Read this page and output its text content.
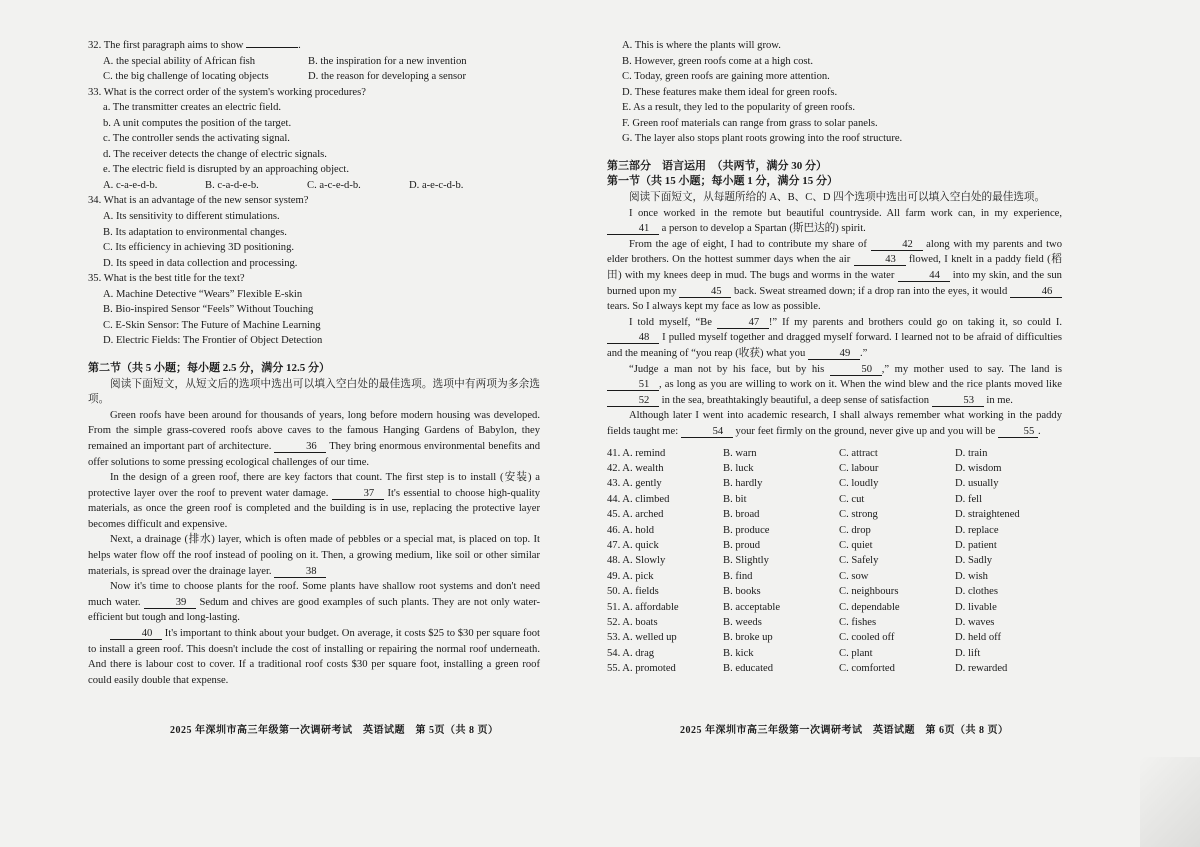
32. The first paragraph aims to show	.
A. the special ability of African fish	B. the inspiration for a new invention
C. the big challenge of locating objects	D. the reason for developing a sensor
33. What is the correct order of the system's working procedures?
a. The transmitter creates an electric field.
b. A unit computes the position of the target.
c. The controller sends the activating signal.
d. The receiver detects the change of electric signals.
e. The electric field is disrupted by an approaching object.
A. c-a-e-d-b.	B. c-a-d-e-b.	C. a-c-e-d-b.	D. a-e-c-d-b.
34. What is an advantage of the new sensor system?
A. Its sensitivity to different stimulations.
B. Its adaptation to environmental changes.
C. Its efficiency in achieving 3D positioning.
D. Its speed in data collection and processing.
35. What is the best title for the text?
A. Machine Detective “Wears” Flexible E-skin
B. Bio-inspired Sensor “Feels” Without Touching
C. E-Skin Sensor: The Future of Machine Learning
D. Electric Fields: The Frontier of Object Detection
第二节（共 5 小题；每小题 2.5 分，满分 12.5 分）

阅读下面短文，从短文后的选项中选出可以填入空白处的最佳选项。选项中有两项为多余选项。

Green roofs have been around for thousands of years, long before modern housing was developed. From the simple grass-covered roofs above caves to the famous Hanging Gardens of Babylon, they remained an important part of architecture.	36 They bring enormous environmental benefits and offer solutions to some pressing ecological challenges of our time.

In the design of a green roof, there are key factors that count. The first step is to install (安装) a protective layer over the roof to prevent water damage.	37 It's essential to choose high-quality materials, as once the green roof is completed and the building is in use, replacing the protective layer becomes difficult and expensive.

Next, a drainage (排水) layer, which is often made of pebbles or a special mat, is placed on top. It helps water flow off the roof instead of pooling on it. Then, a growing medium, like soil or other similar materials, is spread over the drainage layer.	38

Now it's time to choose plants for the roof. Some plants have shallow root systems and don't need much water.	39 Sedum and chives are good examples of such plants. They are not only water-efficient but tough and long-lasting.

40 It's important to think about your budget. On average, it costs $25 to $30 per square foot to install a green roof. This doesn't include the cost of installing or repairing the normal roof underneath. And there is labour cost to cover. If a traditional roof costs $30 per square foot, installing a green roof could easily double that expense.

2025 年深圳市高三年级第一次调研考试　英语试题　第 5页（共 8 页）
A. This is where the plants will grow.
B. However, green roofs come at a high cost.
C. Today, green roofs are gaining more attention.
D. These features make them ideal for green roofs.
E. As a result, they led to the popularity of green roofs.
F. Green roof materials can range from grass to solar panels.
G. The layer also stops plant roots growing into the roof structure.
第三部分　语言运用　（共两节，满分 30 分）
第一节（共 15 小题；每小题 1 分，满分 15 分）

阅读下面短文，从每题所给的 A、B、C、D 四个选项中选出可以填入空白处的最佳选项。

I once worked in the remote but beautiful countryside. All farm work can, in my experience, 41 a person to develop a Spartan (斯巴达的) spirit.

From the age of eight, I had to contribute my share of	42 along with my parents and two elder brothers. On the hottest summer days when the air	43 flowed, I knelt in a paddy field (稻田) with my knees deep in mud. The bugs and worms in the water	44 into my skin, and the sun burned upon my	45 back. Sweat streamed down; if a drop ran into the eyes, it would	46 tears. So I always kept my face as low as possible.

I told myself, “Be	47 !” If my parents and brothers could go on taking it, so could I. 48 I pulled myself together and dragged myself forward. I learned not to be afraid of difficulties and the meaning of “you reap (收获) what you	49 .”

“Judge a man not by his face, but by his	50 ,” my mother used to say. The land is 51 , as long as you are willing to work on it. When the wind blew and the rice plants moved like 52 in the sea, breathtakingly beautiful, a deep sense of satisfaction	53 in me.

Although later I went into academic research, I shall always remember what working in the paddy fields taught me:	54 your feet firmly on the ground, never give up and you will be	55 .

41. A. remind	B. warn	C. attract	D. train
42. A. wealth	B. luck	C. labour	D. wisdom
43. A. gently	B. hardly	C. loudly	D. usually
44. A. climbed	B. bit	C. cut	D. fell
45. A. arched	B. broad	C. strong	D. straightened
46. A. hold	B. produce	C. drop	D. replace
47. A. quick	B. proud	C. quiet	D. patient
48. A. Slowly	B. Slightly	C. Safely	D. Sadly
49. A. pick	B. find	C. sow	D. wish
50. A. fields	B. books	C. neighbours	D. clothes
51. A. affordable	B. acceptable	C. dependable	D. livable
52. A. boats	B. weeds	C. fishes	D. waves
53. A. welled up	B. broke up	C. cooled off	D. held off
54. A. drag	B. kick	C. plant	D. lift
55. A. promoted	B. educated	C. comforted	D. rewarded
2025 年深圳市高三年级第一次调研考试　英语试题　第 6页（共 8 页）
